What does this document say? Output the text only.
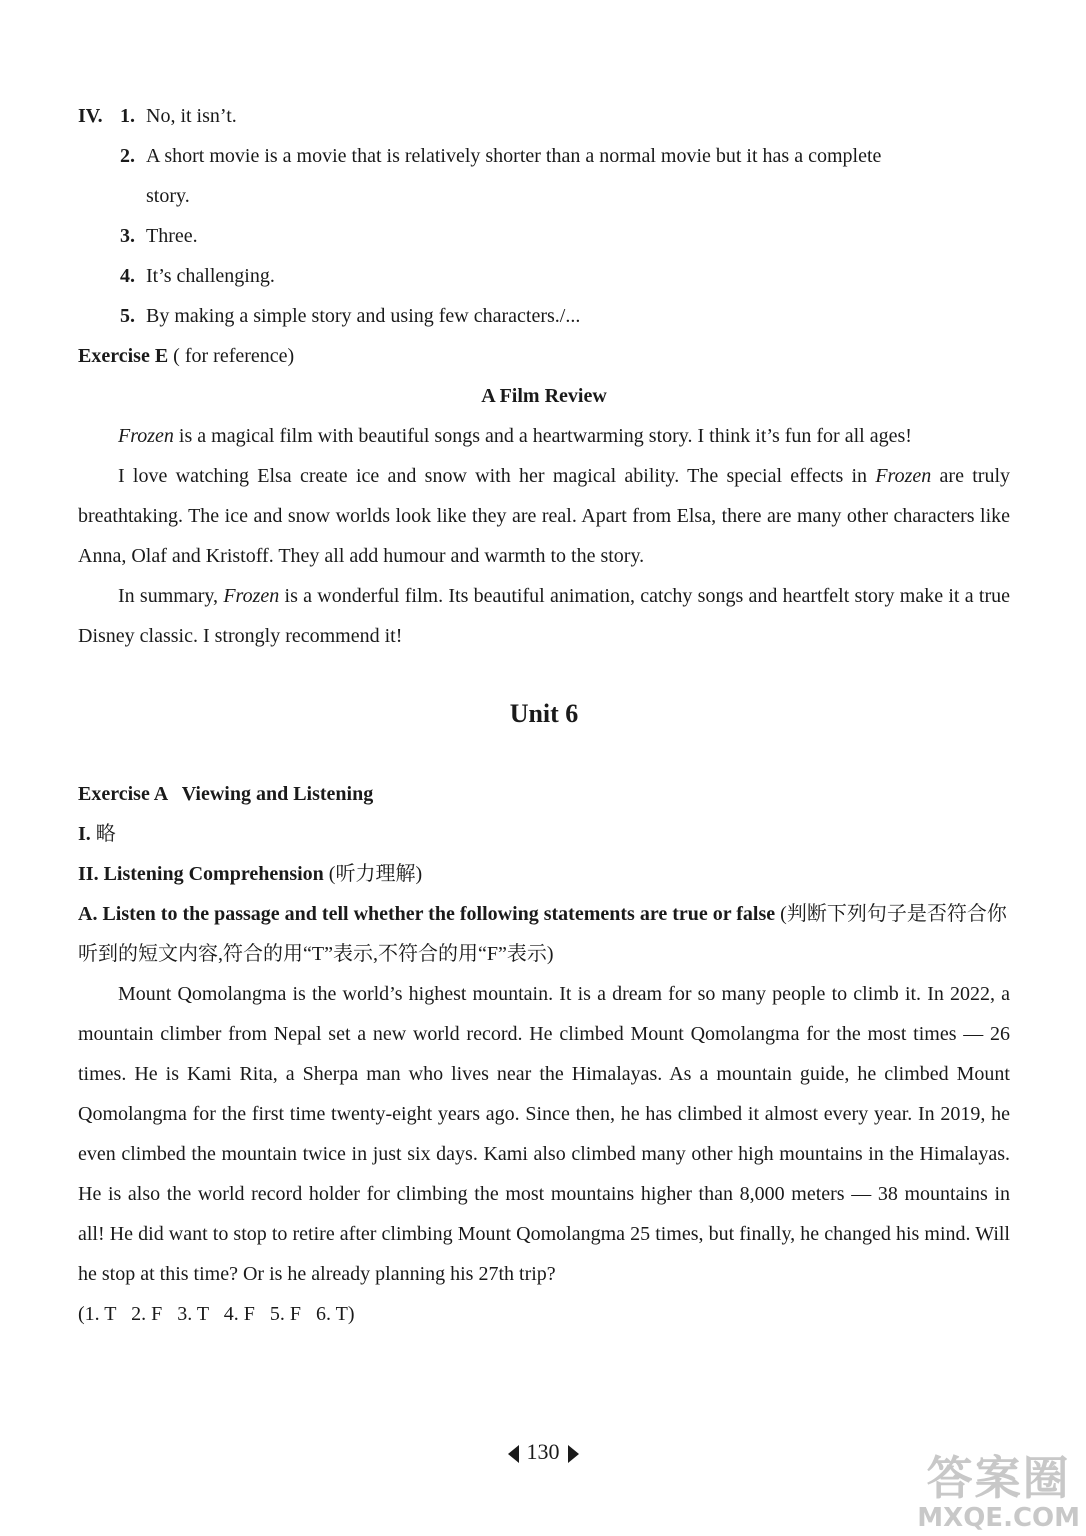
IV. 1. No, it isn’t.
2. A short movie is a movie that is relatively shorter than a normal movie but it has a complete
story.
3. Three.
4. It’s challenging.
5. By making a simple story and using few characters./...

Exercise E ( for reference)

A Film Review

Frozen is a magical film with beautiful songs and a heartwarming story. I think it’s fun for all ages!

I love watching Elsa create ice and snow with her magical ability. The special effects in Frozen are truly breathtaking. The ice and snow worlds look like they are real. Apart from Elsa, there are many other characters like Anna, Olaf and Kristoff. They all add humour and warmth to the story.

In summary, Frozen is a wonderful film. Its beautiful animation, catchy songs and heartfelt story make it a true Disney classic. I strongly recommend it!

Unit 6

Exercise A   Viewing and Listening

I. 略

II. Listening Comprehension (听力理解)

A. Listen to the passage and tell whether the following statements are true or false (判断下列句子是否符合你听到的短文内容,符合的用“T”表示,不符合的用“F”表示)

Mount Qomolangma is the world’s highest mountain. It is a dream for so many people to climb it. In 2022, a mountain climber from Nepal set a new world record. He climbed Mount Qomolangma for the most times — 26 times. He is Kami Rita, a Sherpa man who lives near the Himalayas. As a mountain guide, he climbed Mount Qomolangma for the first time twenty-eight years ago. Since then, he has climbed it almost every year. In 2019, he even climbed the mountain twice in just six days. Kami also climbed many other high mountains in the Himalayas. He is also the world record holder for climbing the most mountains higher than 8,000 meters — 38 mountains in all! He did want to stop to retire after climbing Mount Qomolangma 25 times, but finally, he changed his mind. Will he stop at this time? Or is he already planning his 27th trip?

(1. T   2. F   3. T   4. F   5. F   6. T)

130	答案圈
MXQE.COM
